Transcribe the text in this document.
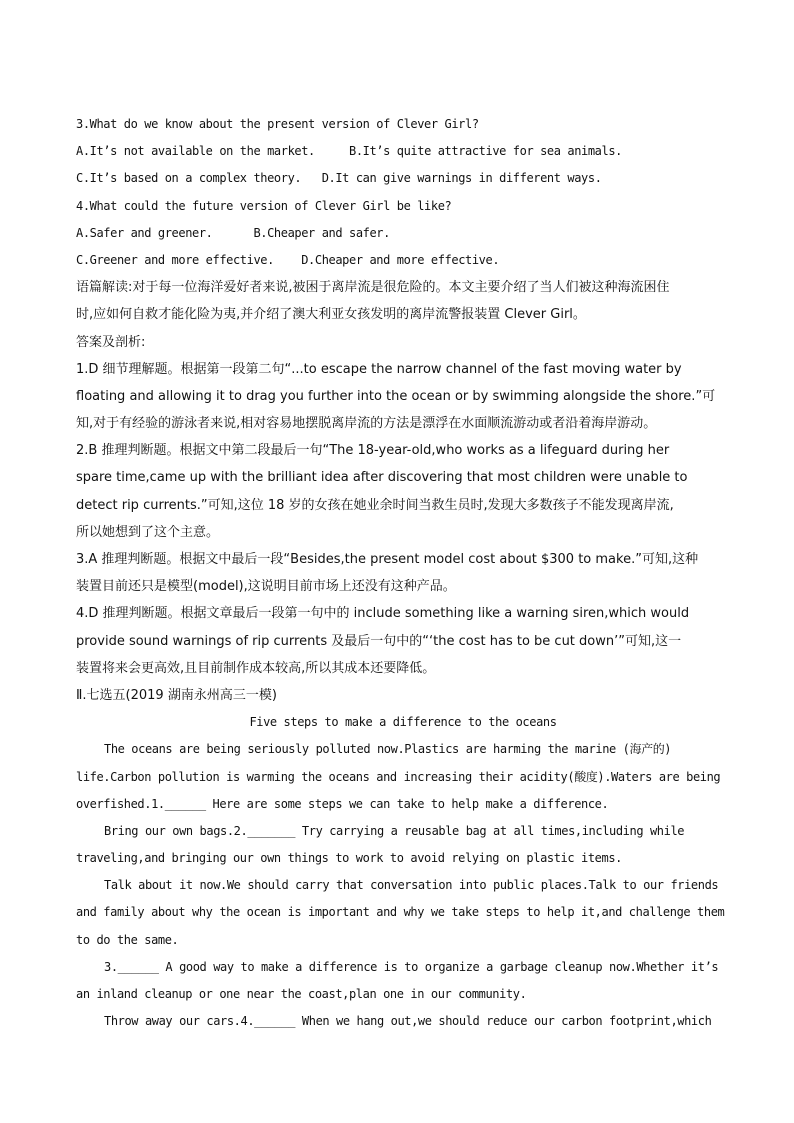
3.What do we know about the present version of Clever Girl?
A.It’s not available on the market.	B.It’s quite attractive for sea animals.
C.It’s based on a complex theory. D.It can give warnings in different ways.
4.What could the future version of Clever Girl be like?
A.Safer and greener.	B.Cheaper and safer.
C.Greener and more effective. D.Cheaper and more effective.
语篇解读:对于每一位海洋爱好者来说,被困于离岸流是很危险的。本文主要介绍了当人们被这种海流困住
时,应如何自救才能化险为夷,并介绍了澳大利亚女孩发明的离岸流警报装置 Clever Girl。
答案及剖析:
1.D 细节理解题。根据第一段第二句“...to escape the narrow channel of the fast moving water by
floating and allowing it to drag you further into the ocean or by swimming alongside the shore.”可
知,对于有经验的游泳者来说,相对容易地摆脱离岸流的方法是漂浮在水面顺流游动或者沿着海岸游动。
2.B 推理判断题。根据文中第二段最后一句“The 18-year-old,who works as a lifeguard during her
spare time,came up with the brilliant idea after discovering that most children were unable to
detect rip currents.”可知,这位 18 岁的女孩在她业余时间当救生员时,发现大多数孩子不能发现离岸流,
所以她想到了这个主意。
3.A 推理判断题。根据文中最后一段“Besides,the present model cost about $300 to make.”可知,这种
装置目前还只是模型(model),这说明目前市场上还没有这种产品。
4.D 推理判断题。根据文章最后一段第一句中的 include something like a warning siren,which would
provide sound warnings of rip currents 及最后一句中的“‘the cost has to be cut down’”可知,这一
装置将来会更高效,且目前制作成本较高,所以其成本还要降低。
Ⅱ.七选五(2019 湖南永州高三一模)
Five steps to make a difference to the oceans
The oceans are being seriously polluted now.Plastics are harming the marine (海产的)
life.Carbon pollution is warming the oceans and increasing their acidity(酸度).Waters are being
overfished.1.______ Here are some steps we can take to help make a difference.
Bring our own bags.2._______ Try carrying a reusable bag at all times,including while
traveling,and bringing our own things to work to avoid relying on plastic items.
Talk about it now.We should carry that conversation into public places.Talk to our friends
and family about why the ocean is important and why we take steps to help it,and challenge them
to do the same.
3.______ A good way to make a difference is to organize a garbage cleanup now.Whether it’s
an inland cleanup or one near the coast,plan one in our community.
Throw away our cars.4.______ When we hang out,we should reduce our carbon footprint,which
